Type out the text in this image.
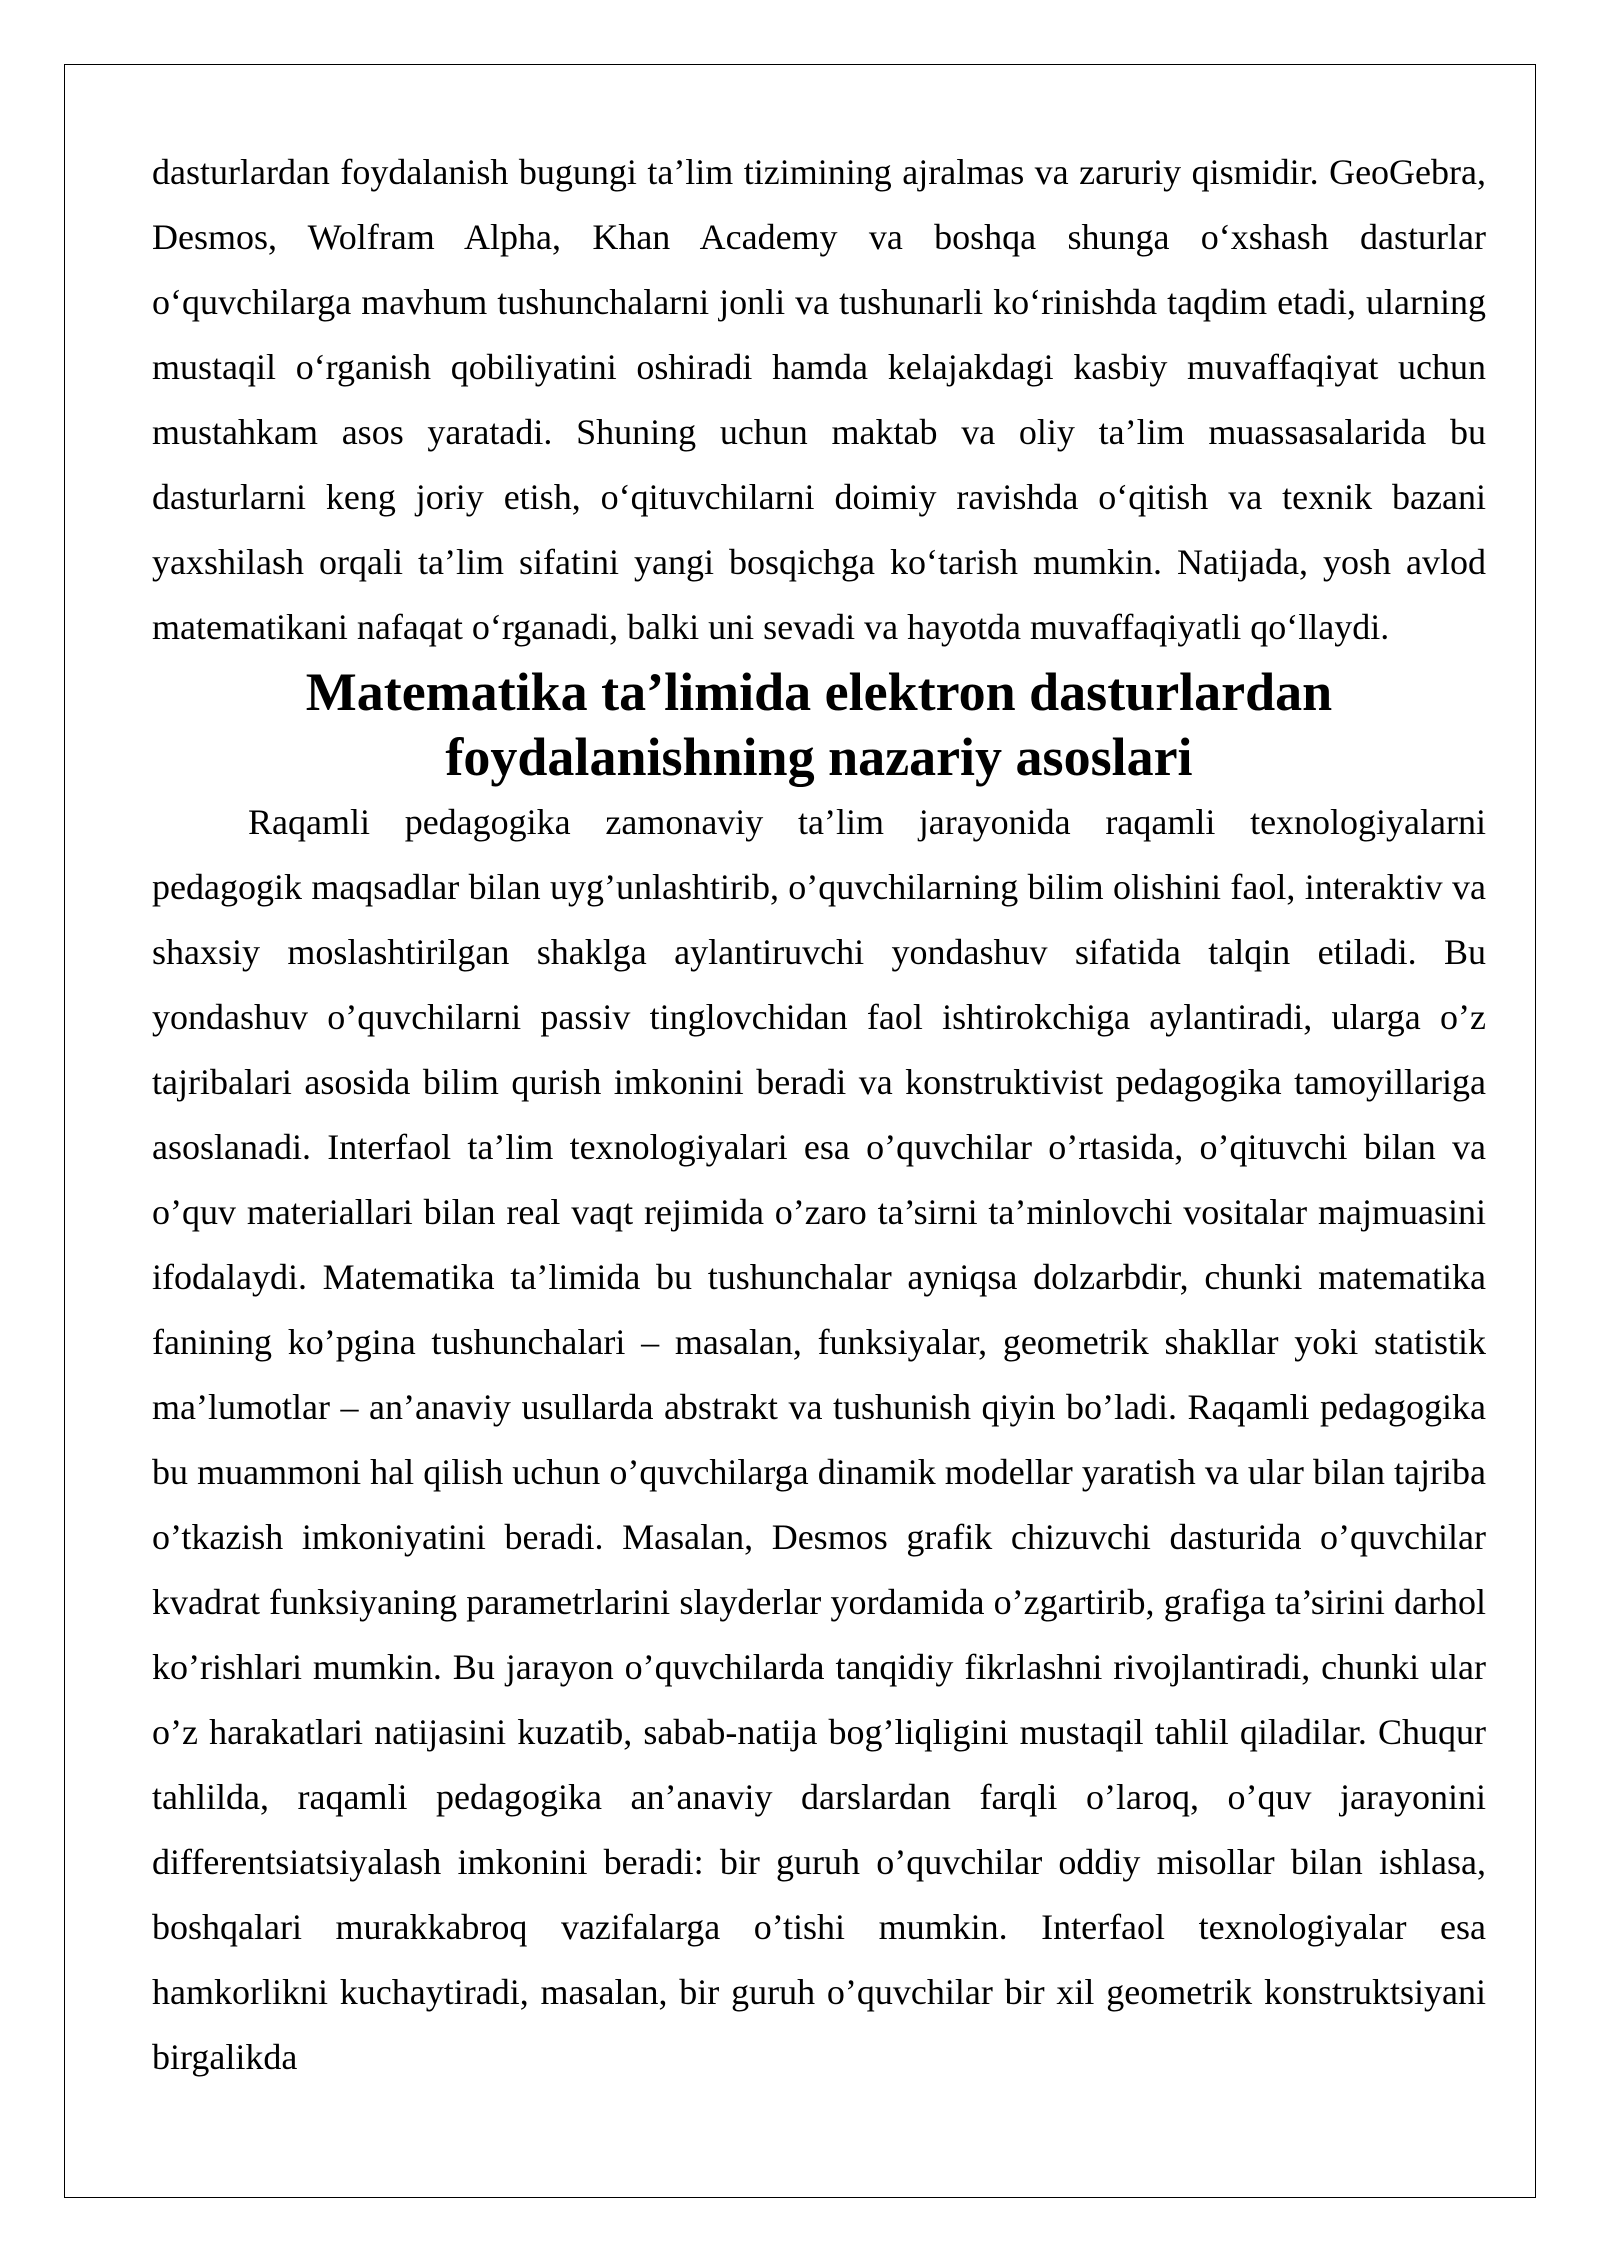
dasturlardan foydalanish bugungi ta’lim tizimining ajralmas va zaruriy qismidir. GeoGebra, Desmos, Wolfram Alpha, Khan Academy va boshqa shunga o‘xshash dasturlar o‘quvchilarga mavhum tushunchalarni jonli va tushunarli ko‘rinishda taqdim etadi, ularning mustaqil o‘rganish qobiliyatini oshiradi hamda kelajakdagi kasbiy muvaffaqiyat uchun mustahkam asos yaratadi. Shuning uchun maktab va oliy ta’lim muassasalarida bu dasturlarni keng joriy etish, o‘qituvchilarni doimiy ravishda o‘qitish va texnik bazani yaxshilash orqali ta’lim sifatini yangi bosqichga ko‘tarish mumkin. Natijada, yosh avlod matematikani nafaqat o‘rganadi, balki uni sevadi va hayotda muvaffaqiyatli qo‘llaydi.

Matematika ta’limida elektron dasturlardan foydalanishning nazariy asoslari

Raqamli pedagogika zamonaviy ta’lim jarayonida raqamli texnologiyalarni pedagogik maqsadlar bilan uyg’unlashtirib, o’quvchilarning bilim olishini faol, interaktiv va shaxsiy moslashtirilgan shaklga aylantiruvchi yondashuv sifatida talqin etiladi. Bu yondashuv o’quvchilarni passiv tinglovchidan faol ishtirokchiga aylantiradi, ularga o’z tajribalari asosida bilim qurish imkonini beradi va konstruktivist pedagogika tamoyillariga asoslanadi. Interfaol ta’lim texnologiyalari esa o’quvchilar o’rtasida, o’qituvchi bilan va o’quv materiallari bilan real vaqt rejimida o’zaro ta’sirni ta’minlovchi vositalar majmuasini ifodalaydi. Matematika ta’limida bu tushunchalar ayniqsa dolzarbdir, chunki matematika fanining ko’pgina tushunchalari – masalan, funksiyalar, geometrik shakllar yoki statistik ma’lumotlar – an’anaviy usullarda abstrakt va tushunish qiyin bo’ladi. Raqamli pedagogika bu muammoni hal qilish uchun o’quvchilarga dinamik modellar yaratish va ular bilan tajriba o’tkazish imkoniyatini beradi. Masalan, Desmos grafik chizuvchi dasturida o’quvchilar kvadrat funksiyaning parametrlarini slayderlar yordamida o’zgartirib, grafiga ta’sirini darhol ko’rishlari mumkin. Bu jarayon o’quvchilarda tanqidiy fikrlashni rivojlantiradi, chunki ular o’z harakatlari natijasini kuzatib, sabab-natija bog’liqligini mustaqil tahlil qiladilar. Chuqur tahlilda, raqamli pedagogika an’anaviy darslardan farqli o’laroq, o’quv jarayonini differentsiatsiyalash imkonini beradi: bir guruh o’quvchilar oddiy misollar bilan ishlasa, boshqalari murakkabroq vazifalarga o’tishi mumkin. Interfaol texnologiyalar esa hamkorlikni kuchaytiradi, masalan, bir guruh o’quvchilar bir xil geometrik konstruktsiyani birgalikda
